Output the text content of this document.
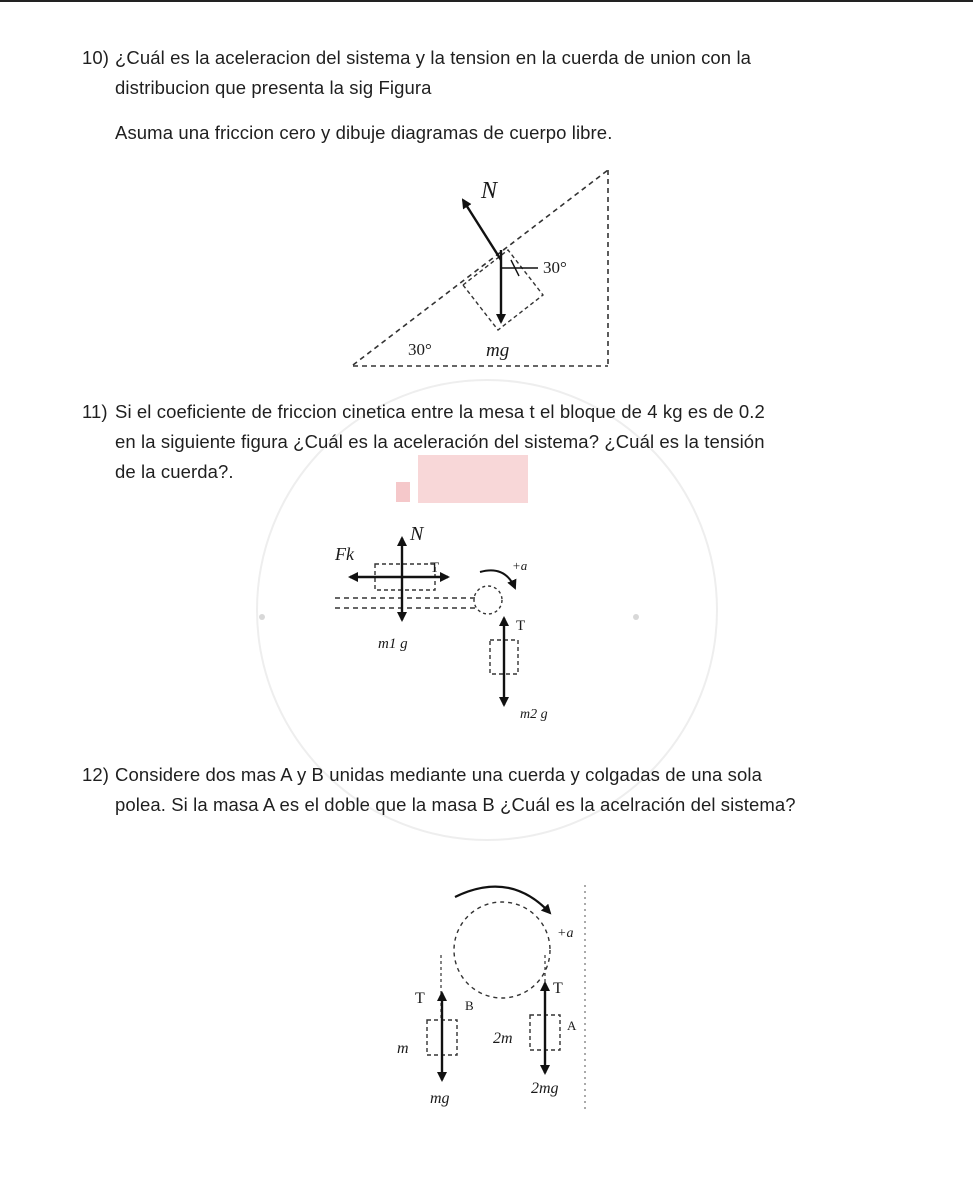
10) ¿Cuál es la aceleracion del sistema y la tension en la cuerda de union con la
distribucion que presenta la sig Figura
Asuma una friccion cero y dibuje diagramas de cuerpo libre.
N
30°
30°	mg
11) Si el coeficiente de friccion cinetica entre la mesa t el bloque de 4 kg es de 0.2
en la siguiente figura ¿Cuál es la aceleración del sistema? ¿Cuál es la tensión
de la cuerda?.
Fk
N
T	+a
T
m1 g
m2 g
12) Considere dos mas A y B unidas mediante una cuerda y colgadas de una sola
polea. Si la masa A es el doble que la masa B ¿Cuál es la acelración del sistema?
+a
T
T
B
A
m
2m
mg
2mg
